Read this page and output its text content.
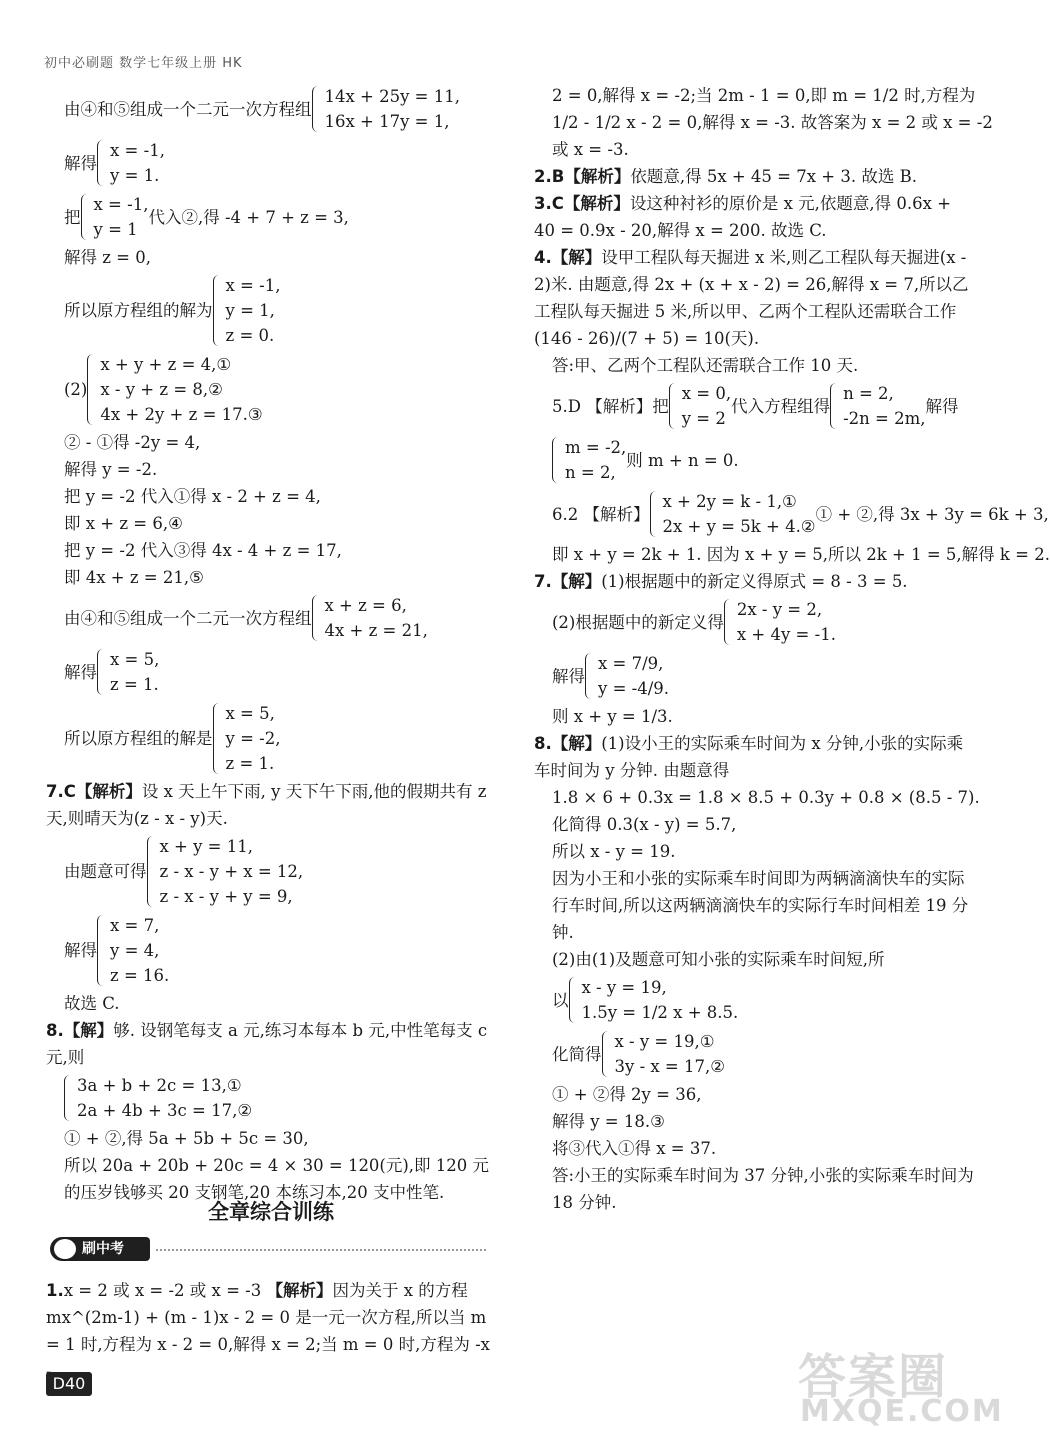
初中必刷题 数学七年级上册 HK
由④和⑤组成一个二元一次方程组
14x + 25y = 11,
16x + 17y = 1,
解得
x = -1,
y = 1.
把
x = -1,
y = 1
代入②,得 -4 + 7 + z = 3,
解得 z = 0,
所以原方程组的解为
x = -1,
y = 1,
z = 0.
(2)
x + y + z = 4,①
x - y + z = 8,②
4x + 2y + z = 17.③
② - ①得 -2y = 4,
解得 y = -2.
把 y = -2 代入①得 x - 2 + z = 4,
即 x + z = 6,④
把 y = -2 代入③得 4x - 4 + z = 17,
即 4x + z = 21,⑤
由④和⑤组成一个二元一次方程组
x + z = 6,
4x + z = 21,
解得
x = 5,
z = 1.
所以原方程组的解是
x = 5,
y = -2,
z = 1.
7.C【解析】设 x 天上午下雨, y 天下午下雨,他的假期共有 z 天,则晴天为(z - x - y)天.
由题意可得
x + y = 11,
z - x - y + x = 12,
z - x - y + y = 9,
解得
x = 7,
y = 4,
z = 16.
故选 C.
8.【解】够. 设钢笔每支 a 元,练习本每本 b 元,中性笔每支 c 元,则
3a + b + 2c = 13,①
2a + 4b + 3c = 17,②
① + ②,得 5a + 5b + 5c = 30,
所以 20a + 20b + 20c = 4 × 30 = 120(元),即 120 元的压岁钱够买 20 支钢笔,20 本练习本,20 支中性笔.
2 = 0,解得 x = -2;当 2m - 1 = 0,即 m = 1/2 时,方程为
1/2 - 1/2 x - 2 = 0,解得 x = -3. 故答案为 x = 2 或 x = -2
或 x = -3.
2.B【解析】依题意,得 5x + 45 = 7x + 3. 故选 B.
3.C【解析】设这种衬衫的原价是 x 元,依题意,得 0.6x + 40 = 0.9x - 20,解得 x = 200. 故选 C.
4.【解】设甲工程队每天掘进 x 米,则乙工程队每天掘进(x - 2)米. 由题意,得 2x + (x + x - 2) = 26,解得 x = 7,所以乙工程队每天掘进 5 米,所以甲、乙两个工程队还需联合工作 (146 - 26)/(7 + 5) = 10(天).
答:甲、乙两个工程队还需联合工作 10 天.
5.D 【解析】把
x = 0,
y = 2
代入方程组得
n = 2,
-2n = 2m,
解得
m = -2,
n = 2,
则 m + n = 0.
6.2 【解析】
x + 2y = k - 1,①
2x + y = 5k + 4.②
① + ②,得 3x + 3y = 6k + 3,
即 x + y = 2k + 1. 因为 x + y = 5,所以 2k + 1 = 5,解得 k = 2.
7.【解】(1)根据题中的新定义得原式 = 8 - 3 = 5.
(2)根据题中的新定义得
2x - y = 2,
x + 4y = -1.
解得
x = 7/9,
y = -4/9.
则 x + y = 1/3.
8.【解】(1)设小王的实际乘车时间为 x 分钟,小张的实际乘车时间为 y 分钟. 由题意得
1.8 × 6 + 0.3x = 1.8 × 8.5 + 0.3y + 0.8 × (8.5 - 7).
化简得 0.3(x - y) = 5.7,
所以 x - y = 19.
因为小王和小张的实际乘车时间即为两辆滴滴快车的实际行车时间,所以这两辆滴滴快车的实际行车时间相差 19 分钟.
(2)由(1)及题意可知小张的实际乘车时间短,所
以
x - y = 19,
1.5y = 1/2 x + 8.5.
化简得
x - y = 19,①
3y - x = 17,②
① + ②得 2y = 36,
解得 y = 18.③
将③代入①得 x = 37.
答:小王的实际乘车时间为 37 分钟,小张的实际乘车时间为 18 分钟.
全章综合训练
刷中考
1.x = 2 或 x = -2 或 x = -3 【解析】因为关于 x 的方程 mx^(2m-1) + (m - 1)x - 2 = 0 是一元一次方程,所以当 m = 1 时,方程为 x - 2 = 0,解得 x = 2;当 m = 0 时,方程为 -x
D40	答案圈
MXQE.COM
